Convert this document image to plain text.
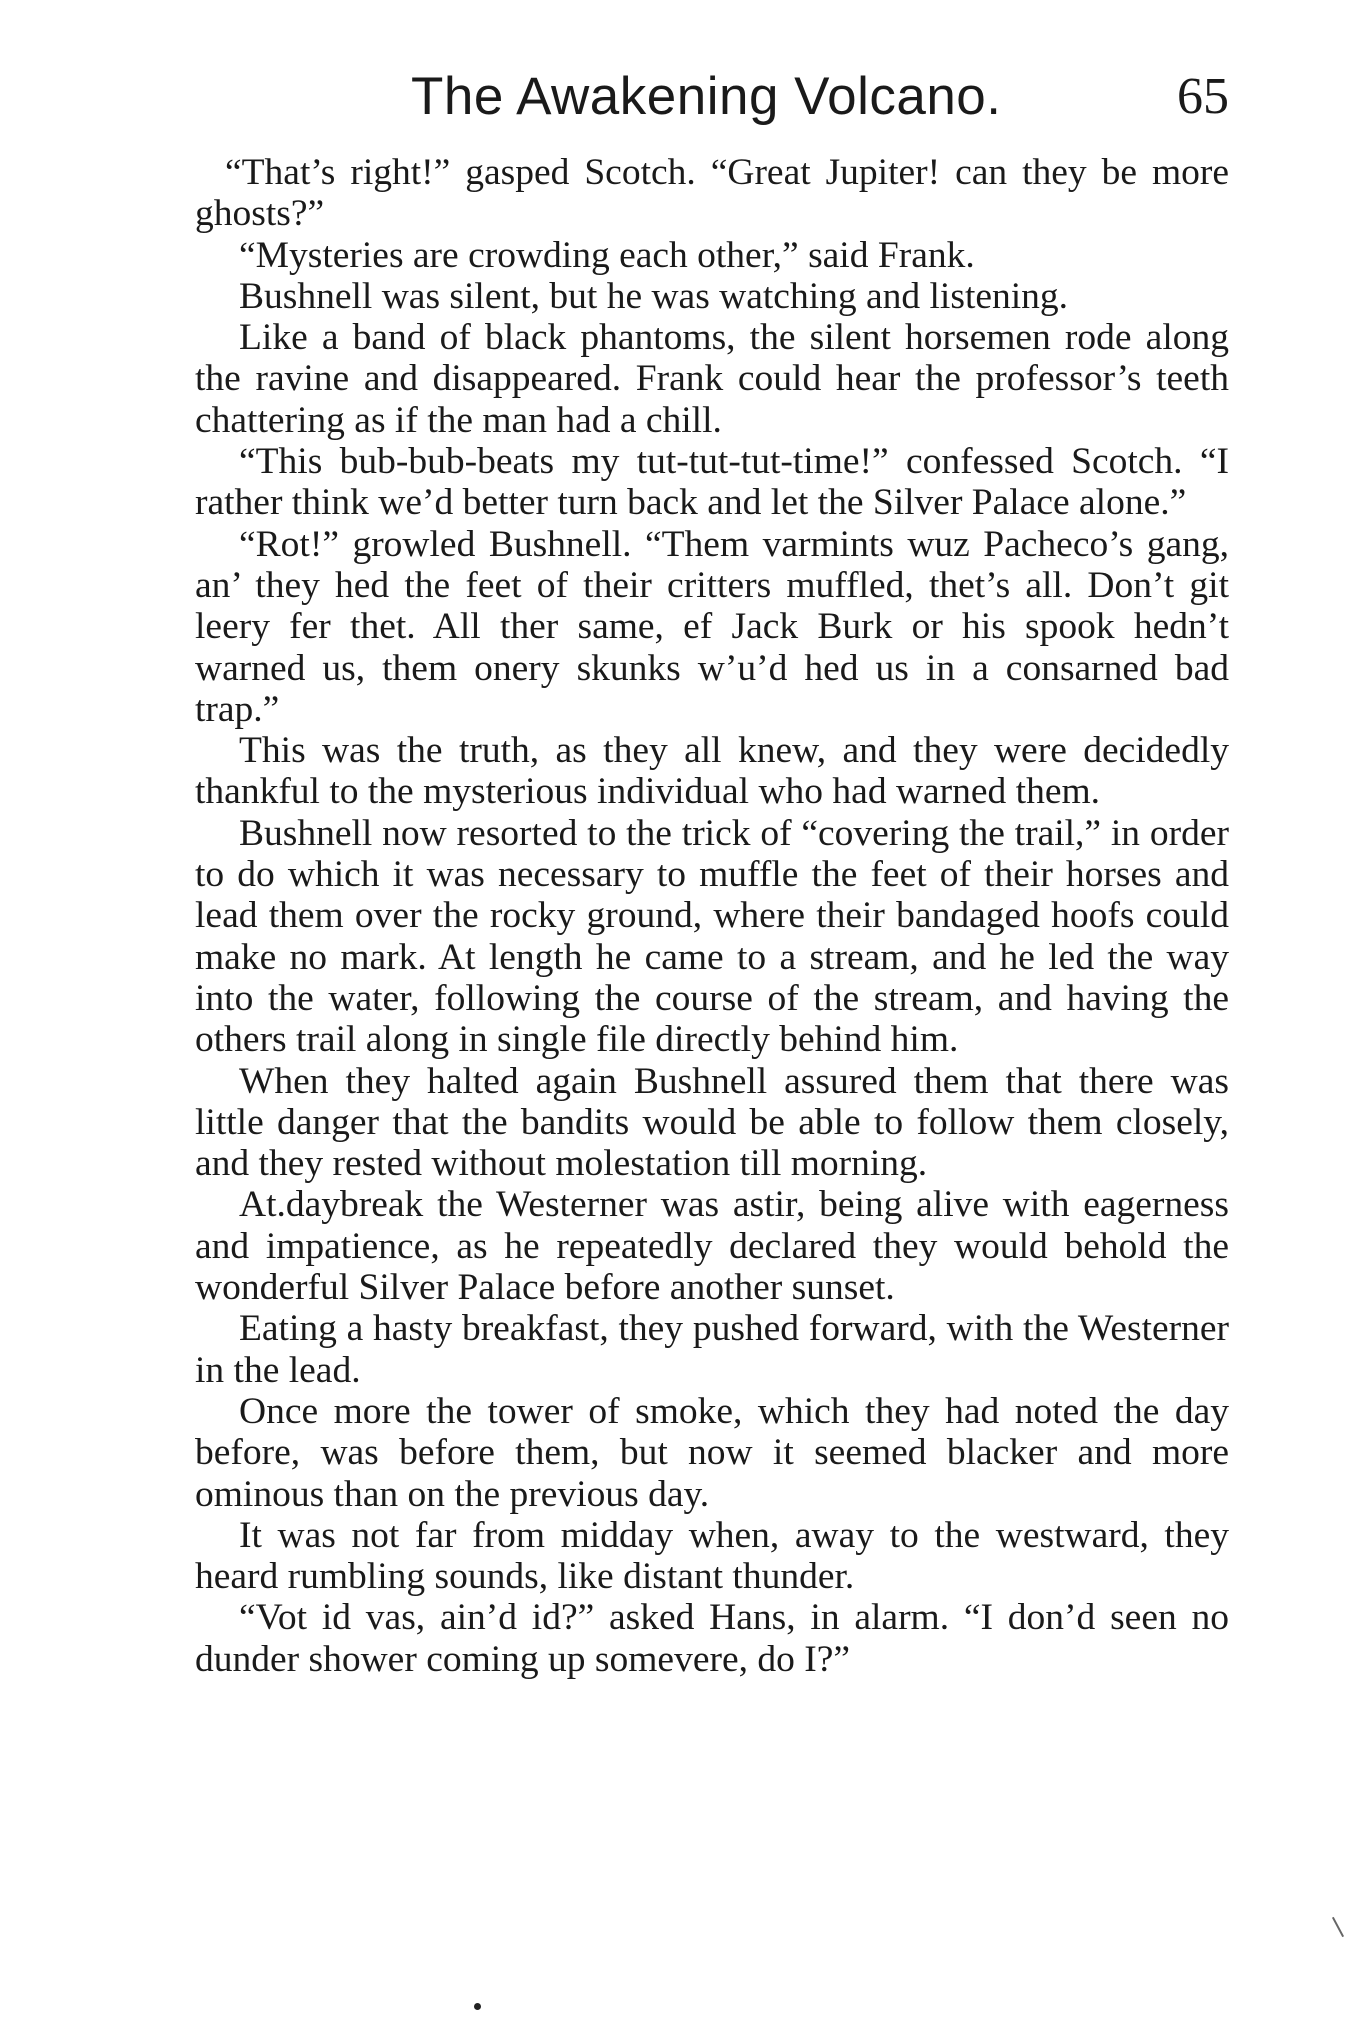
The Awakening Volcano.	65

“That’s right!” gasped Scotch. “Great Jupiter! can they be more ghosts?”

“Mysteries are crowding each other,” said Frank.

Bushnell was silent, but he was watching and listening.

Like a band of black phantoms, the silent horsemen rode along the ravine and disappeared. Frank could hear the professor’s teeth chattering as if the man had a chill.

“This bub-bub-beats my tut-tut-tut-time!” confessed Scotch. “I rather think we’d better turn back and let the Silver Palace alone.”

“Rot!” growled Bushnell. “Them varmints wuz Pacheco’s gang, an’ they hed the feet of their critters muffled, thet’s all. Don’t git leery fer thet. All ther same, ef Jack Burk or his spook hedn’t warned us, them onery skunks w’u’d hed us in a consarned bad trap.”

This was the truth, as they all knew, and they were decidedly thankful to the mysterious individual who had warned them.

Bushnell now resorted to the trick of “covering the trail,” in order to do which it was necessary to muffle the feet of their horses and lead them over the rocky ground, where their bandaged hoofs could make no mark. At length he came to a stream, and he led the way into the water, following the course of the stream, and having the others trail along in single file directly behind him.

When they halted again Bushnell assured them that there was little danger that the bandits would be able to follow them closely, and they rested without molestation till morning.

At.daybreak the Westerner was astir, being alive with eagerness and impatience, as he repeatedly declared they would behold the wonderful Silver Palace before another sunset.

Eating a hasty breakfast, they pushed forward, with the Westerner in the lead.

Once more the tower of smoke, which they had noted the day before, was before them, but now it seemed blacker and more ominous than on the previous day.

It was not far from midday when, away to the westward, they heard rumbling sounds, like distant thunder.

“Vot id vas, ain’d id?” asked Hans, in alarm. “I don’d seen no dunder shower coming up somevere, do I?”
